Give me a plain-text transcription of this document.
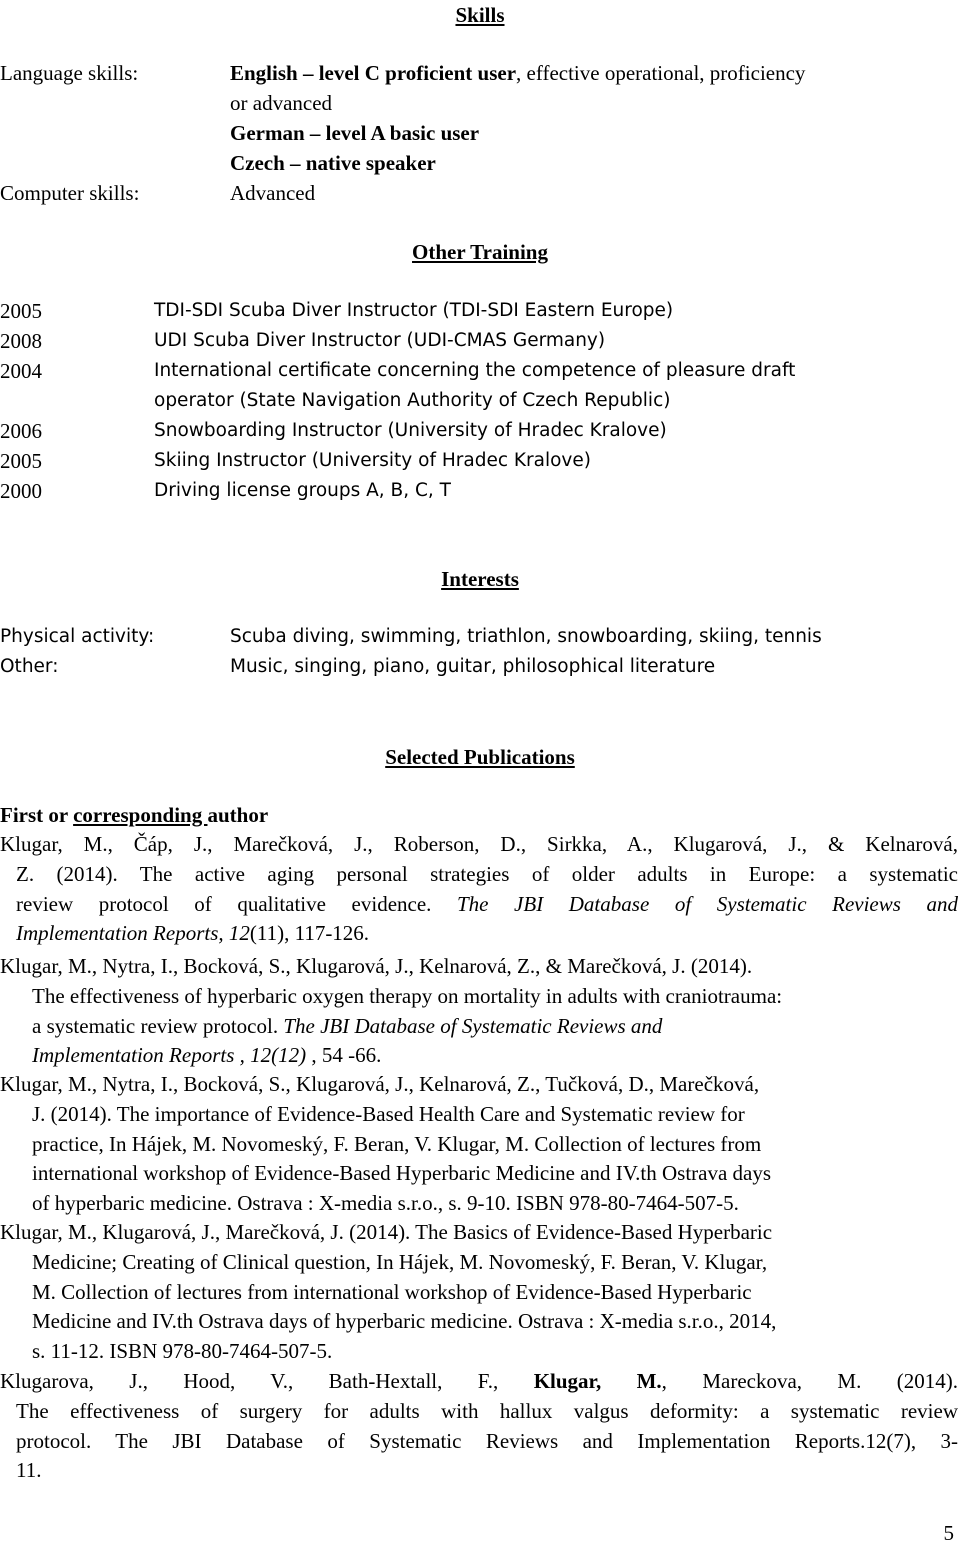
Skills
Language skills:	English – level C proficient user, effective operational, proficiency
or advanced
German – level A basic user
Czech – native speaker
Computer skills:	Advanced
Other Training
2005	TDI-SDI Scuba Diver Instructor (TDI-SDI Eastern Europe)
2008	UDI Scuba Diver Instructor (UDI-CMAS Germany)
2004	International certificate concerning the competence of pleasure draft
operator (State Navigation Authority of Czech Republic)
2006	Snowboarding Instructor (University of Hradec Kralove)
2005	Skiing Instructor (University of Hradec Kralove)
2000	Driving license groups A, B, C, T
Interests
Physical activity:	Scuba diving, swimming, triathlon, snowboarding, skiing, tennis
Other:	Music, singing, piano, guitar, philosophical literature
Selected Publications
First or corresponding author
Klugar, M., Čáp, J., Marečková, J., Roberson, D., Sirkka, A., Klugarová, J., & Kelnarová,
Z. (2014). The active aging personal strategies of older adults in Europe: a systematic
review protocol of qualitative evidence. The JBI Database of Systematic Reviews and
Implementation Reports, 12(11), 117-126.
Klugar, M., Nytra, I., Bocková, S., Klugarová, J., Kelnarová, Z., & Marečková, J. (2014).
The effectiveness of hyperbaric oxygen therapy on mortality in adults with craniotrauma:
a systematic review protocol. The JBI Database of Systematic Reviews and
Implementation Reports , 12(12) , 54 -66.
Klugar, M., Nytra, I., Bocková, S., Klugarová, J., Kelnarová, Z., Tučková, D., Marečková,
J. (2014). The importance of Evidence-Based Health Care and Systematic review for
practice, In Hájek, M. Novomeský, F. Beran, V. Klugar, M. Collection of lectures from
international workshop of Evidence-Based Hyperbaric Medicine and IV.th Ostrava days
of hyperbaric medicine. Ostrava : X-media s.r.o., s. 9-10. ISBN 978-80-7464-507-5.
Klugar, M., Klugarová, J., Marečková, J. (2014). The Basics of Evidence-Based Hyperbaric
Medicine; Creating of Clinical question, In Hájek, M. Novomeský, F. Beran, V. Klugar,
M. Collection of lectures from international workshop of Evidence-Based Hyperbaric
Medicine and IV.th Ostrava days of hyperbaric medicine. Ostrava : X-media s.r.o., 2014,
s. 11-12. ISBN 978-80-7464-507-5.
Klugarova, J., Hood, V., Bath-Hextall, F., Klugar, M., Mareckova, M. (2014).
The effectiveness of surgery for adults with hallux valgus deformity: a systematic review
protocol. The JBI Database of Systematic Reviews and Implementation Reports.12(7), 3-
11.
5
